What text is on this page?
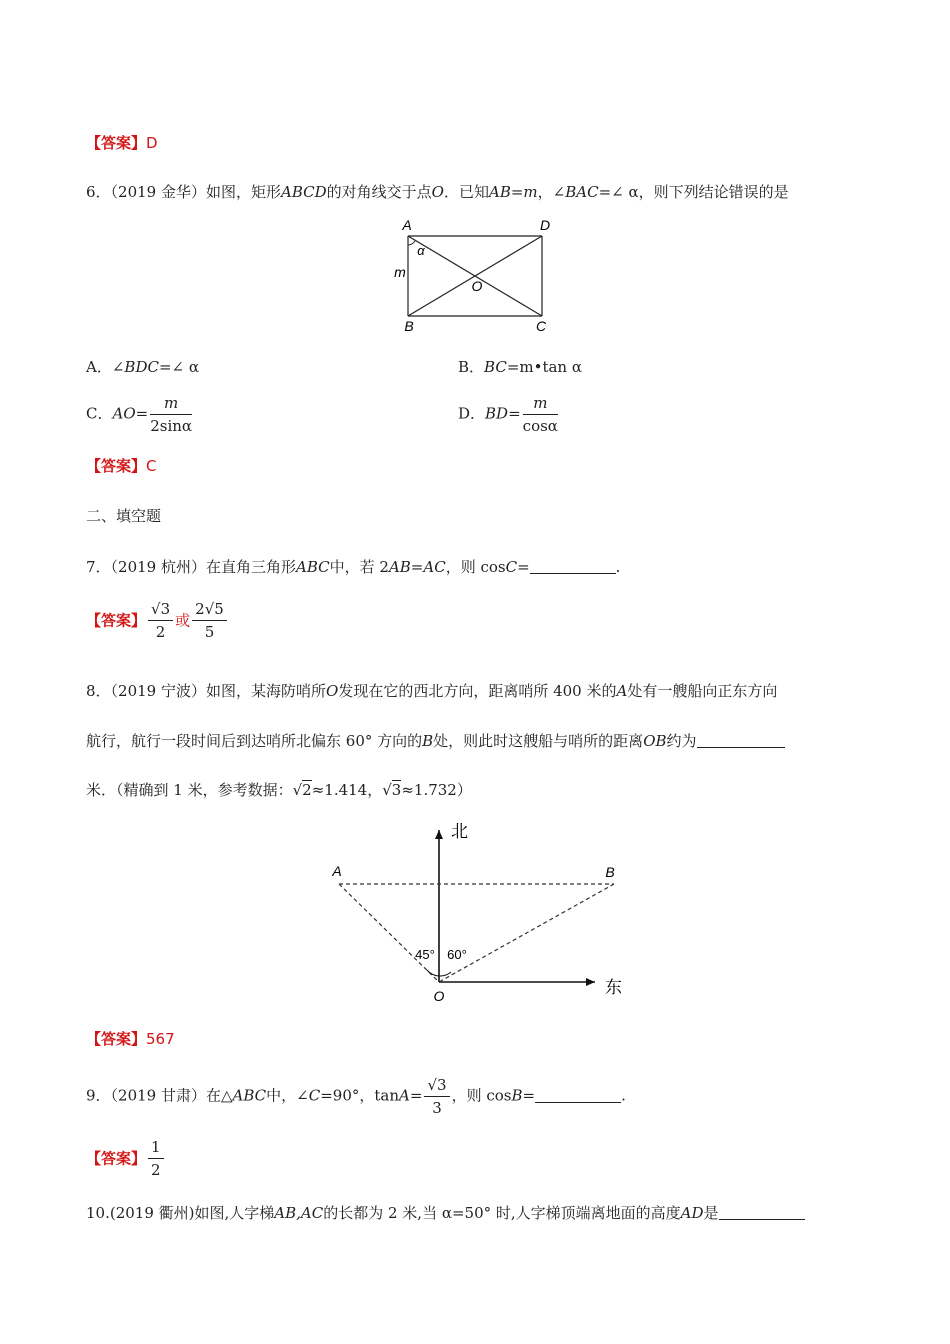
【答案】D
6．（2019 金华）如图，矩形ABCD的对角线交于点O．已知AB=m，∠BAC=∠ α，则下列结论错误的是
A	D
B	C
O
α
m
A．∠BDC=∠ α	B．BC=m•tan α
C．$AO= \frac{m}{2\sin\alpha}$	D．$BD= \frac{m}{\cos\alpha}$
【答案】C
二、填空题
7．（2019 杭州）在直角三角形ABC中，若 2AB=AC，则 cosC=	.
【答案】 $\frac{√3}{2}$ 或 $\frac{2√5}{5}$
8．（2019 宁波）如图，某海防哨所O发现在它的西北方向，距离哨所 400 米的A处有一艘船向正东方向
航行，航行一段时间后到达哨所北偏东 60° 方向的B处，则此时这艘船与哨所的距离OB约为
米．（精确到 1 米，参考数据：√2≈1.414，√3≈1.732）
北
东
A	B
O
45° 60°
【答案】567
9．（2019 甘肃）在△ABC中，∠C=90°，$\tan A= \frac{√3}{3}$ ，则 cosB=	.
【答案】 $\frac{1}{2}$
10.(2019 衢州)如图,人字梯AB,AC的长都为 2 米,当 α=50° 时,人字梯顶端离地面的高度AD是
